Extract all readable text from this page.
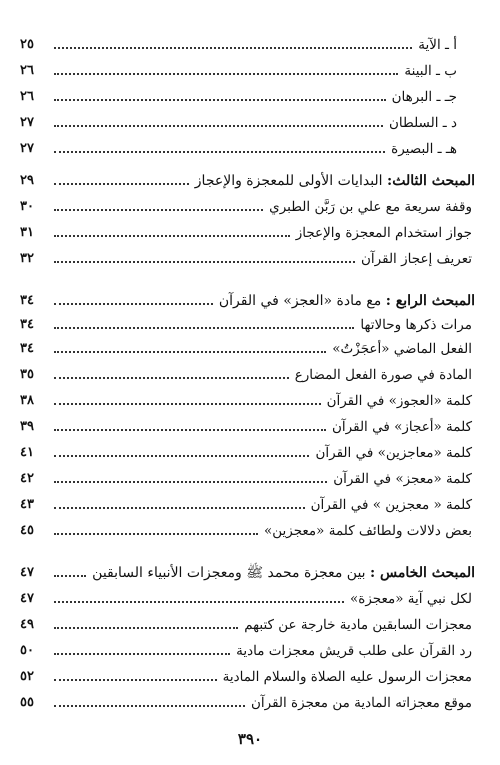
أ ـ الآية
٢٥
ب ـ البينة
٢٦
جـ ـ البرهان
٢٦
د ـ السلطان
٢٧
هـ ـ البصيرة
٢٧
المبحث الثالث: البدايات الأولى للمعجزة والإعجاز
٢٩
وقفة سريعة مع علي بن رَبَّن الطبري
٣٠
جواز استخدام المعجزة والإعجاز
٣١
تعريف إعجاز القرآن
٣٢
المبحث الرابع : مع مادة «العجز» في القرآن
٣٤
مرات ذكرها وحالاتها
٣٤
الفعل الماضي «أعجَزْتُ»
٣٤
المادة في صورة الفعل المضارع
٣٥
كلمة «العجوز» في القرآن
٣٨
كلمة «أعجاز» في القرآن
٣٩
كلمة «معاجزين» في القرآن
٤١
كلمة «معجز» في القرآن
٤٢
كلمة « معجزين » في القرآن
٤٣
بعض دلالات ولطائف كلمة «معجزين»
٤٥
المبحث الخامس : بين معجزة محمد ﷺ ومعجزات الأنبياء السابقين
٤٧
لكل نبي آية «معجزة»
٤٧
معجزات السابقين مادية خارجة عن كتبهم
٤٩
رد القرآن على طلب قريش معجزات مادية
٥٠
معجزات الرسول عليه الصلاة والسلام المادية
٥٢
موقع معجزاته المادية من معجزة القرآن
٥٥
٣٩٠
